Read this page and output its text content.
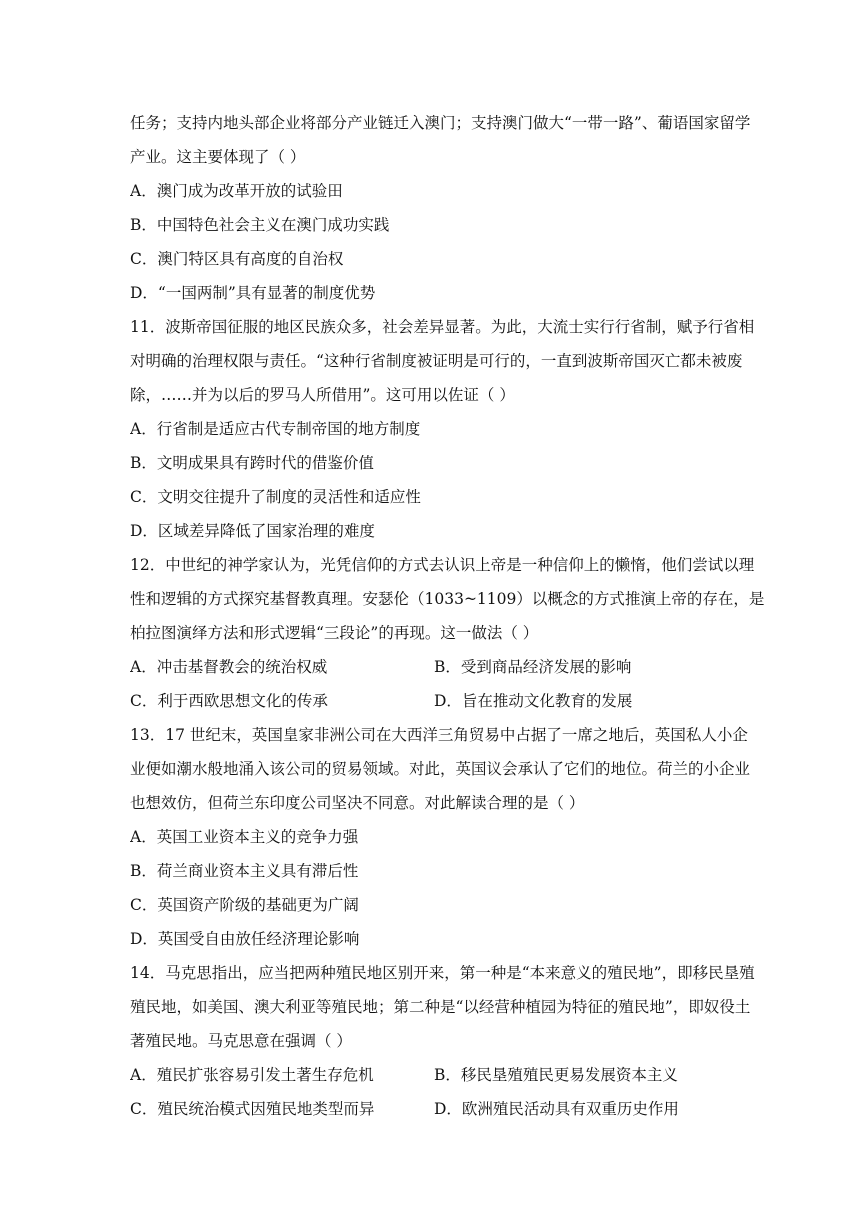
任务；支持内地头部企业将部分产业链迁入澳门；支持澳门做大“一带一路”、葡语国家留学
产业。这主要体现了（ ）
A．澳门成为改革开放的试验田
B．中国特色社会主义在澳门成功实践
C．澳门特区具有高度的自治权
D．“一国两制”具有显著的制度优势
11．波斯帝国征服的地区民族众多，社会差异显著。为此，大流士实行行省制，赋予行省相
对明确的治理权限与责任。“这种行省制度被证明是可行的，一直到波斯帝国灭亡都未被废
除，……并为以后的罗马人所借用”。这可用以佐证（ ）
A．行省制是适应古代专制帝国的地方制度
B．文明成果具有跨时代的借鉴价值
C．文明交往提升了制度的灵活性和适应性
D．区域差异降低了国家治理的难度
12．中世纪的神学家认为，光凭信仰的方式去认识上帝是一种信仰上的懒惰，他们尝试以理
性和逻辑的方式探究基督教真理。安瑟伦（1033~1109）以概念的方式推演上帝的存在，是
柏拉图演绎方法和形式逻辑“三段论”的再现。这一做法（ ）
A．冲击基督教会的统治权威	B．受到商品经济发展的影响
C．利于西欧思想文化的传承	D．旨在推动文化教育的发展
13．17 世纪末，英国皇家非洲公司在大西洋三角贸易中占据了一席之地后，英国私人小企
业便如潮水般地涌入该公司的贸易领域。对此，英国议会承认了它们的地位。荷兰的小企业
也想效仿，但荷兰东印度公司坚决不同意。对此解读合理的是（ ）
A．英国工业资本主义的竞争力强
B．荷兰商业资本主义具有滞后性
C．英国资产阶级的基础更为广阔
D．英国受自由放任经济理论影响
14．马克思指出，应当把两种殖民地区别开来，第一种是“本来意义的殖民地”，即移民垦殖
殖民地，如美国、澳大利亚等殖民地；第二种是“以经营种植园为特征的殖民地”，即奴役土
著殖民地。马克思意在强调（ ）
A．殖民扩张容易引发土著生存危机	B．移民垦殖殖民更易发展资本主义
C．殖民统治模式因殖民地类型而异	D．欧洲殖民活动具有双重历史作用
